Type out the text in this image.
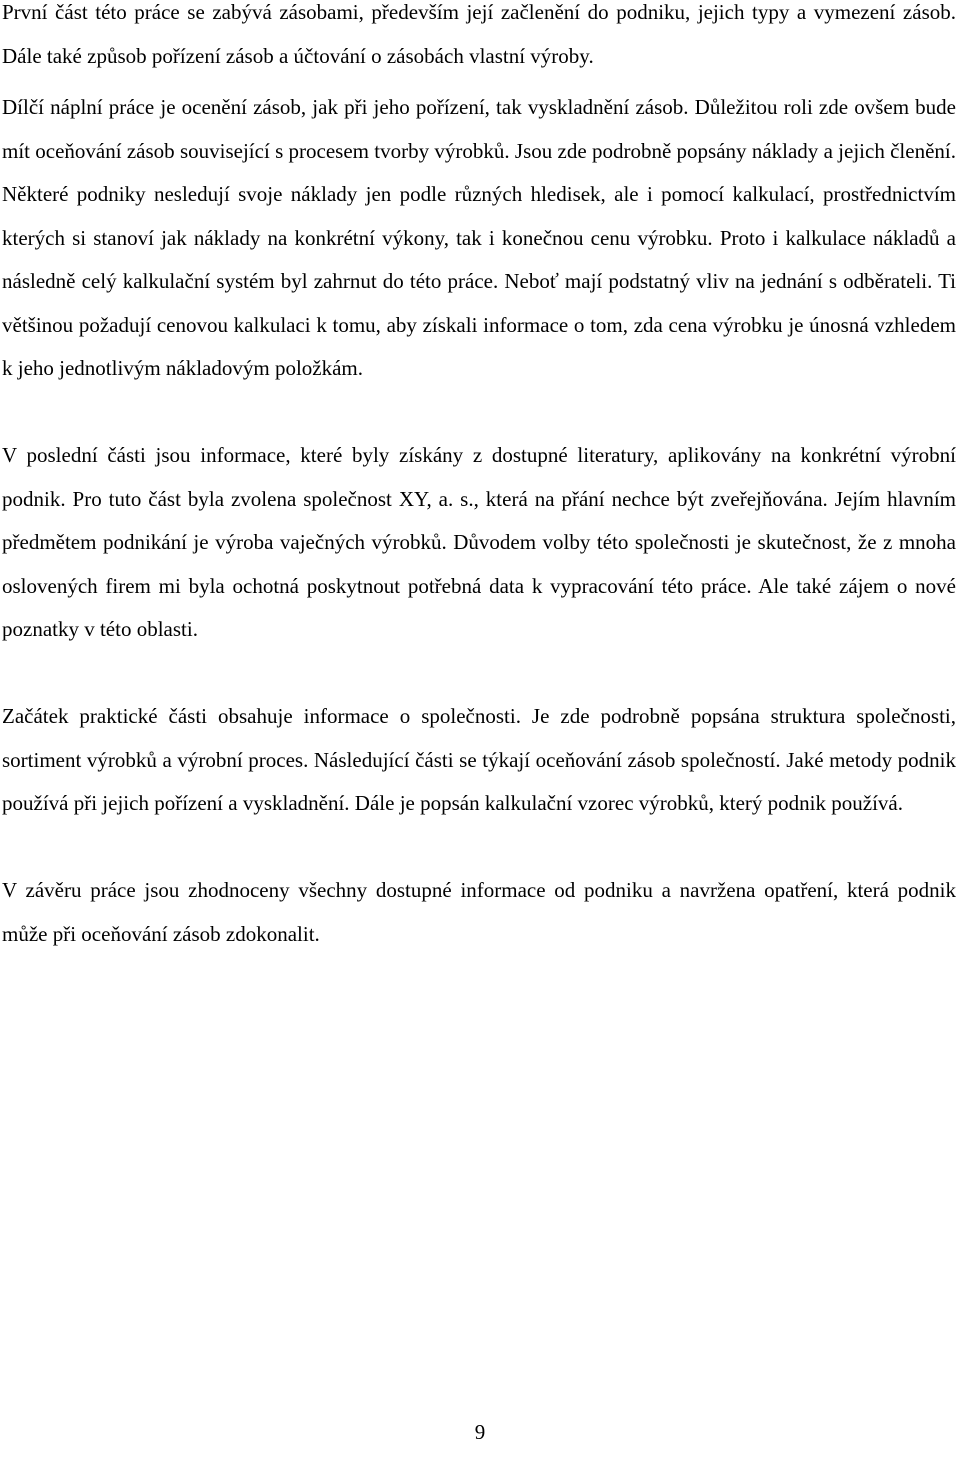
První část této práce se zabývá zásobami, především její začlenění do podniku, jejich typy a vymezení zásob. Dále také způsob pořízení zásob a účtování o zásobách vlastní výroby.

Dílčí náplní práce je ocenění zásob, jak při jeho pořízení, tak vyskladnění zásob. Důležitou roli zde ovšem bude mít oceňování zásob související s procesem tvorby výrobků. Jsou zde podrobně popsány náklady a jejich členění. Některé podniky nesledují svoje náklady jen podle různých hledisek, ale i pomocí kalkulací, prostřednictvím kterých si stanoví jak náklady na konkrétní výkony, tak i konečnou cenu výrobku. Proto i kalkulace nákladů a následně celý kalkulační systém byl zahrnut do této práce. Neboť mají podstatný vliv na jednání s odběrateli. Ti většinou požadují cenovou kalkulaci k tomu, aby získali informace o tom, zda cena výrobku je únosná vzhledem k jeho jednotlivým nákladovým položkám.

V poslední části jsou informace, které byly získány z dostupné literatury, aplikovány na konkrétní výrobní podnik. Pro tuto část byla zvolena společnost XY, a. s., která na přání nechce být zveřejňována. Jejím hlavním předmětem podnikání je výroba vaječných výrobků. Důvodem volby této společnosti je skutečnost, že z mnoha oslovených firem mi byla ochotná poskytnout potřebná data k vypracování této práce. Ale také zájem o nové poznatky v této oblasti.

Začátek praktické části obsahuje informace o společnosti. Je zde podrobně popsána struktura společnosti, sortiment výrobků a výrobní proces. Následující části se týkají oceňování zásob společností. Jaké metody podnik používá při jejich pořízení a vyskladnění. Dále je popsán kalkulační vzorec výrobků, který podnik používá.

V závěru práce jsou zhodnoceny všechny dostupné informace od podniku a navržena opatření, která podnik může při oceňování zásob zdokonalit.

9
